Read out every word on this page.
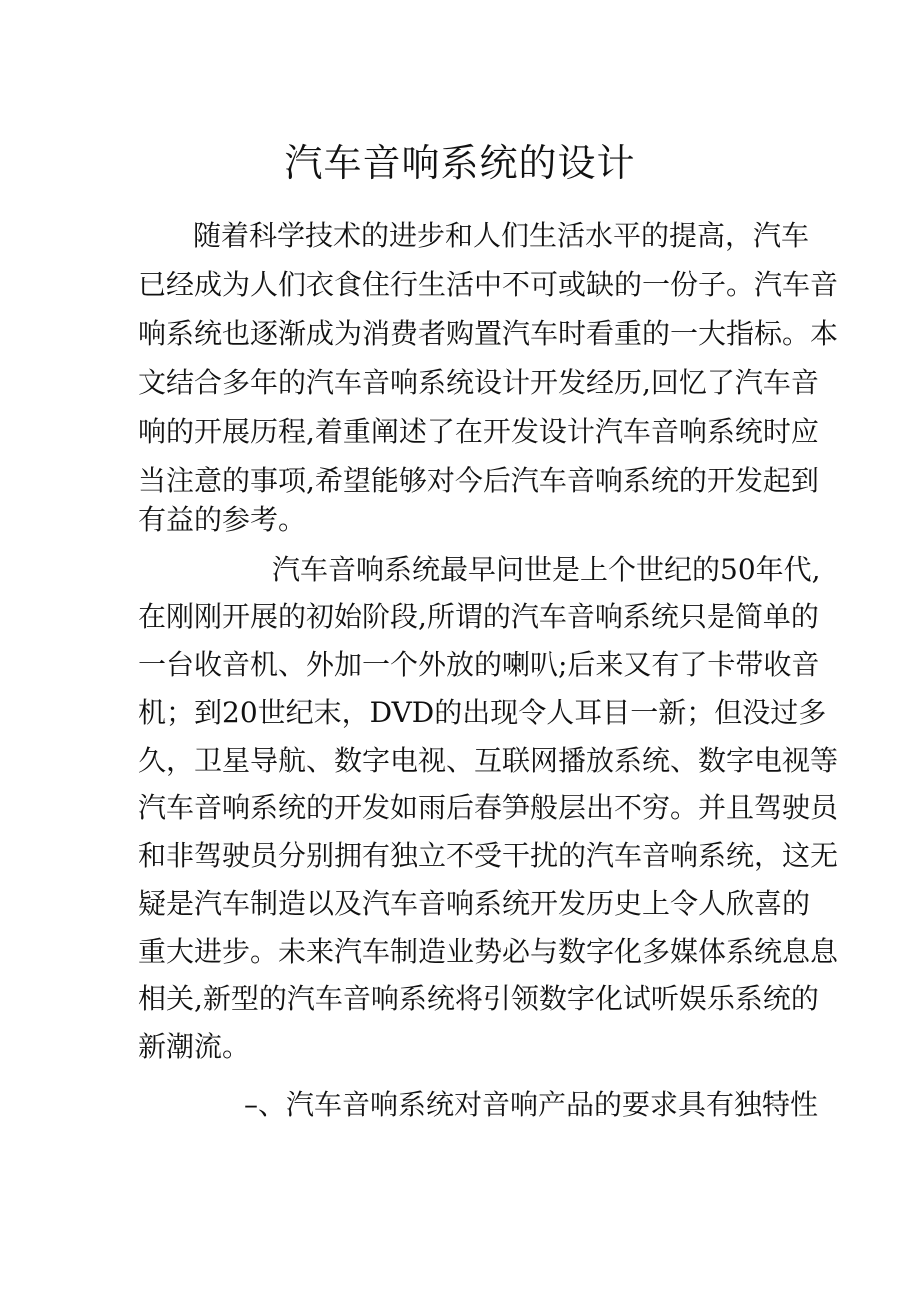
汽车音响系统的设计
随着科学技术的进步和人们生活水平的提高，汽车
已经成为人们衣食住行生活中不可或缺的一份子。汽车音
响系统也逐渐成为消费者购置汽车时看重的一大指标。本
文结合多年的汽车音响系统设计开发经历,回忆了汽车音
响的开展历程,着重阐述了在开发设计汽车音响系统时应
当注意的事项,希望能够对今后汽车音响系统的开发起到
有益的参考。
汽车音响系统最早问世是上个世纪的50年代,
在刚刚开展的初始阶段,所谓的汽车音响系统只是简单的
一台收音机、外加一个外放的喇叭;后来又有了卡带收音
机；到20世纪末，DVD的出现令人耳目一新；但没过多
久，卫星导航、数字电视、互联网播放系统、数字电视等
汽车音响系统的开发如雨后春笋般层出不穷。并且驾驶员
和非驾驶员分别拥有独立不受干扰的汽车音响系统，这无
疑是汽车制造以及汽车音响系统开发历史上令人欣喜的
重大进步。未来汽车制造业势必与数字化多媒体系统息息
相关,新型的汽车音响系统将引领数字化试听娱乐系统的
新潮流。
–、汽车音响系统对音响产品的要求具有独特性
